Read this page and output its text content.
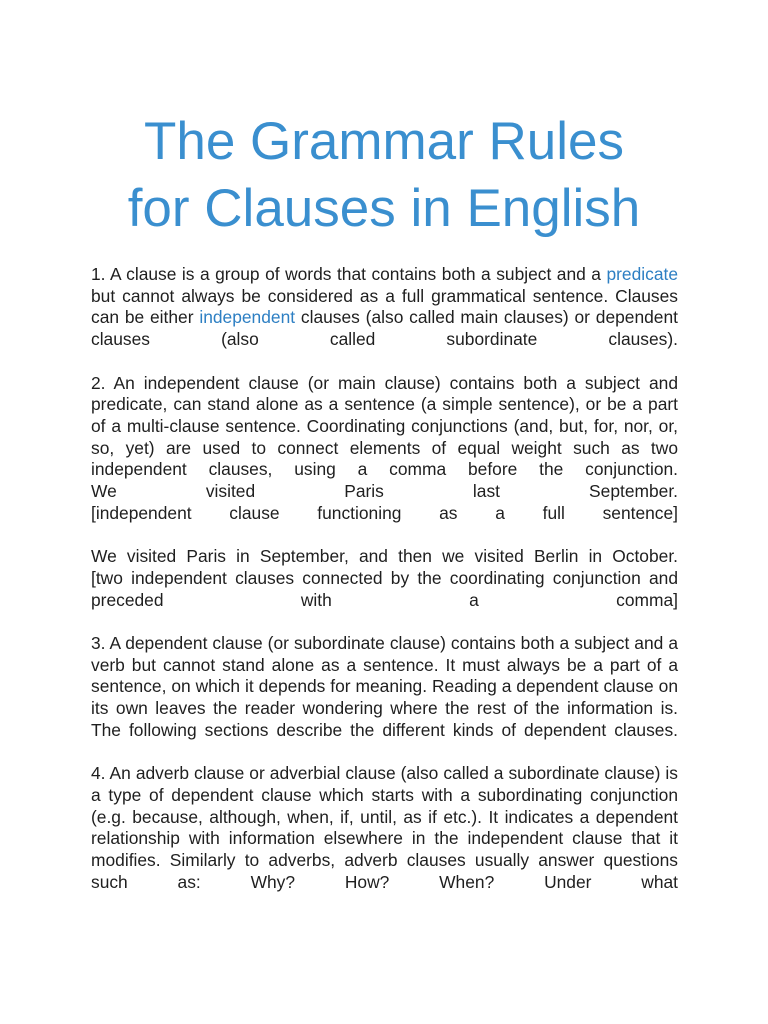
The Grammar Rules
for Clauses in English

1. A clause is a group of words that contains both a subject and a predicate but cannot always be considered as a full grammatical sentence. Clauses can be either independent clauses (also called main clauses) or dependent clauses (also called subordinate clauses).

2. An independent clause (or main clause) contains both a subject and predicate, can stand alone as a sentence (a simple sentence), or be a part of a multi-clause sentence. Coordinating conjunctions (and, but, for, nor, or, so, yet) are used to connect elements of equal weight such as two independent clauses, using a comma before the conjunction.
We visited Paris last September.
[independent clause functioning as a full sentence]

We visited Paris in September, and then we visited Berlin in October.
[two independent clauses connected by the coordinating conjunction and preceded with a comma]

3. A dependent clause (or subordinate clause) contains both a subject and a verb but cannot stand alone as a sentence. It must always be a part of a sentence, on which it depends for meaning. Reading a dependent clause on its own leaves the reader wondering where the rest of the information is. The following sections describe the different kinds of dependent clauses.

4. An adverb clause or adverbial clause (also called a subordinate clause) is a type of dependent clause which starts with a subordinating conjunction (e.g. because, although, when, if, until, as if etc.). It indicates a dependent relationship with information elsewhere in the independent clause that it modifies. Similarly to adverbs, adverb clauses usually answer questions such as: Why? How? When? Under what
